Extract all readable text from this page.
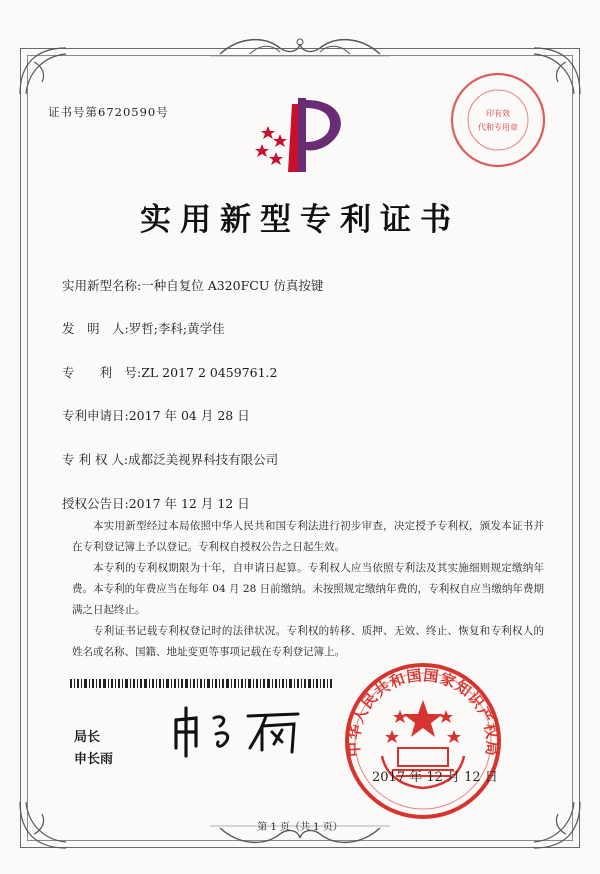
证书号第6720590号	印有效
代和专用章
实用新型专利证书
实用新型名称:一种自复位 A320FCU 仿真按键
发　明　人:罗哲;李科;黄学佳
专　　利　号:ZL 2017 2 0459761.2
专利申请日:2017 年 04 月 28 日
专 利 权 人:成都泛美视界科技有限公司
授权公告日:2017 年 12 月 12 日

本实用新型经过本局依照中华人民共和国专利法进行初步审查，决定授予专利权，颁发本证书并在专利登记簿上予以登记。专利权自授权公告之日起生效。

本专利的专利权期限为十年，自申请日起算。专利权人应当依照专利法及其实施细则规定缴纳年费。本专利的年费应当在每年 04 月 28 日前缴纳。未按照规定缴纳年费的，专利权自应当缴纳年费期满之日起终止。

专利证书记载专利权登记时的法律状况。专利权的转移、质押、无效、终止、恢复和专利权人的姓名或名称、国籍、地址变更等事项记载在专利登记簿上。

局长
申长雨
中华人民共和国国家知识产权局
2017 年 12 月 12 日
第 1 页（共 1 页）
